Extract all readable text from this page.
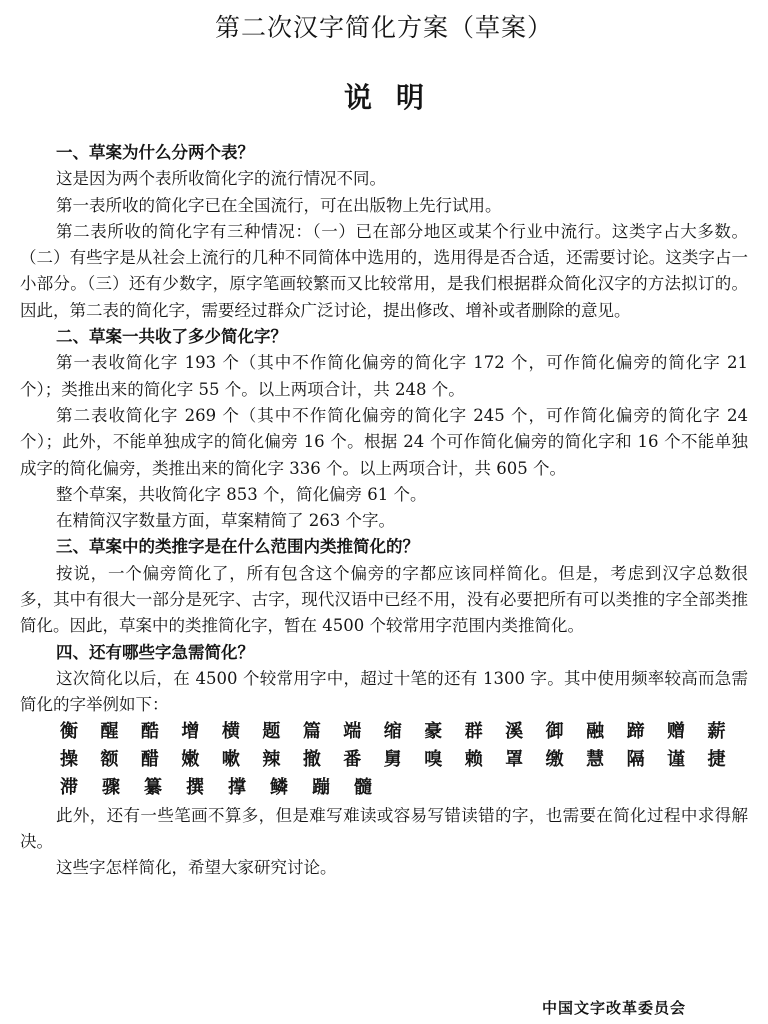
第二次汉字简化方案（草案）
说明
一、草案为什么分两个表？

这是因为两个表所收简化字的流行情况不同。

第一表所收的简化字已在全国流行，可在出版物上先行试用。

第二表所收的简化字有三种情况：（一）已在部分地区或某个行业中流行。这类字占大多数。（二）有些字是从社会上流行的几种不同简体中选用的，选用得是否合适，还需要讨论。这类字占一小部分。（三）还有少数字，原字笔画较繁而又比较常用，是我们根据群众简化汉字的方法拟订的。因此，第二表的简化字，需要经过群众广泛讨论，提出修改、增补或者删除的意见。

二、草案一共收了多少简化字？

第一表收简化字 193 个（其中不作简化偏旁的简化字 172 个，可作简化偏旁的简化字 21 个）；类推出来的简化字 55 个。以上两项合计，共 248 个。

第二表收简化字 269 个（其中不作简化偏旁的简化字 245 个，可作简化偏旁的简化字 24 个）；此外，不能单独成字的简化偏旁 16 个。根据 24 个可作简化偏旁的简化字和 16 个不能单独成字的简化偏旁，类推出来的简化字 336 个。以上两项合计，共 605 个。

整个草案，共收简化字 853 个，简化偏旁 61 个。

在精简汉字数量方面，草案精简了 263 个字。

三、草案中的类推字是在什么范围内类推简化的？

按说，一个偏旁简化了，所有包含这个偏旁的字都应该同样简化。但是，考虑到汉字总数很多，其中有很大一部分是死字、古字，现代汉语中已经不用，没有必要把所有可以类推的字全部类推简化。因此，草案中的类推简化字，暂在 4500 个较常用字范围内类推简化。

四、还有哪些字急需简化？

这次简化以后，在 4500 个较常用字中，超过十笔的还有 1300 字。其中使用频率较高而急需简化的字举例如下：

衡	醒	酷	增	横	题	篇	端	缩	豪	群	溪	御	融	蹄	赠	薪
操	额	醋	嫩	嗽	辣	撤	番	舅	嗅	赖	罩	缴	慧	隔	谨	捷
滞	骤	纂	撰	撑	鳞	蹦	髓

此外，还有一些笔画不算多，但是难写难读或容易写错读错的字，也需要在简化过程中求得解决。

这些字怎样简化，希望大家研究讨论。

中国文字改革委员会
